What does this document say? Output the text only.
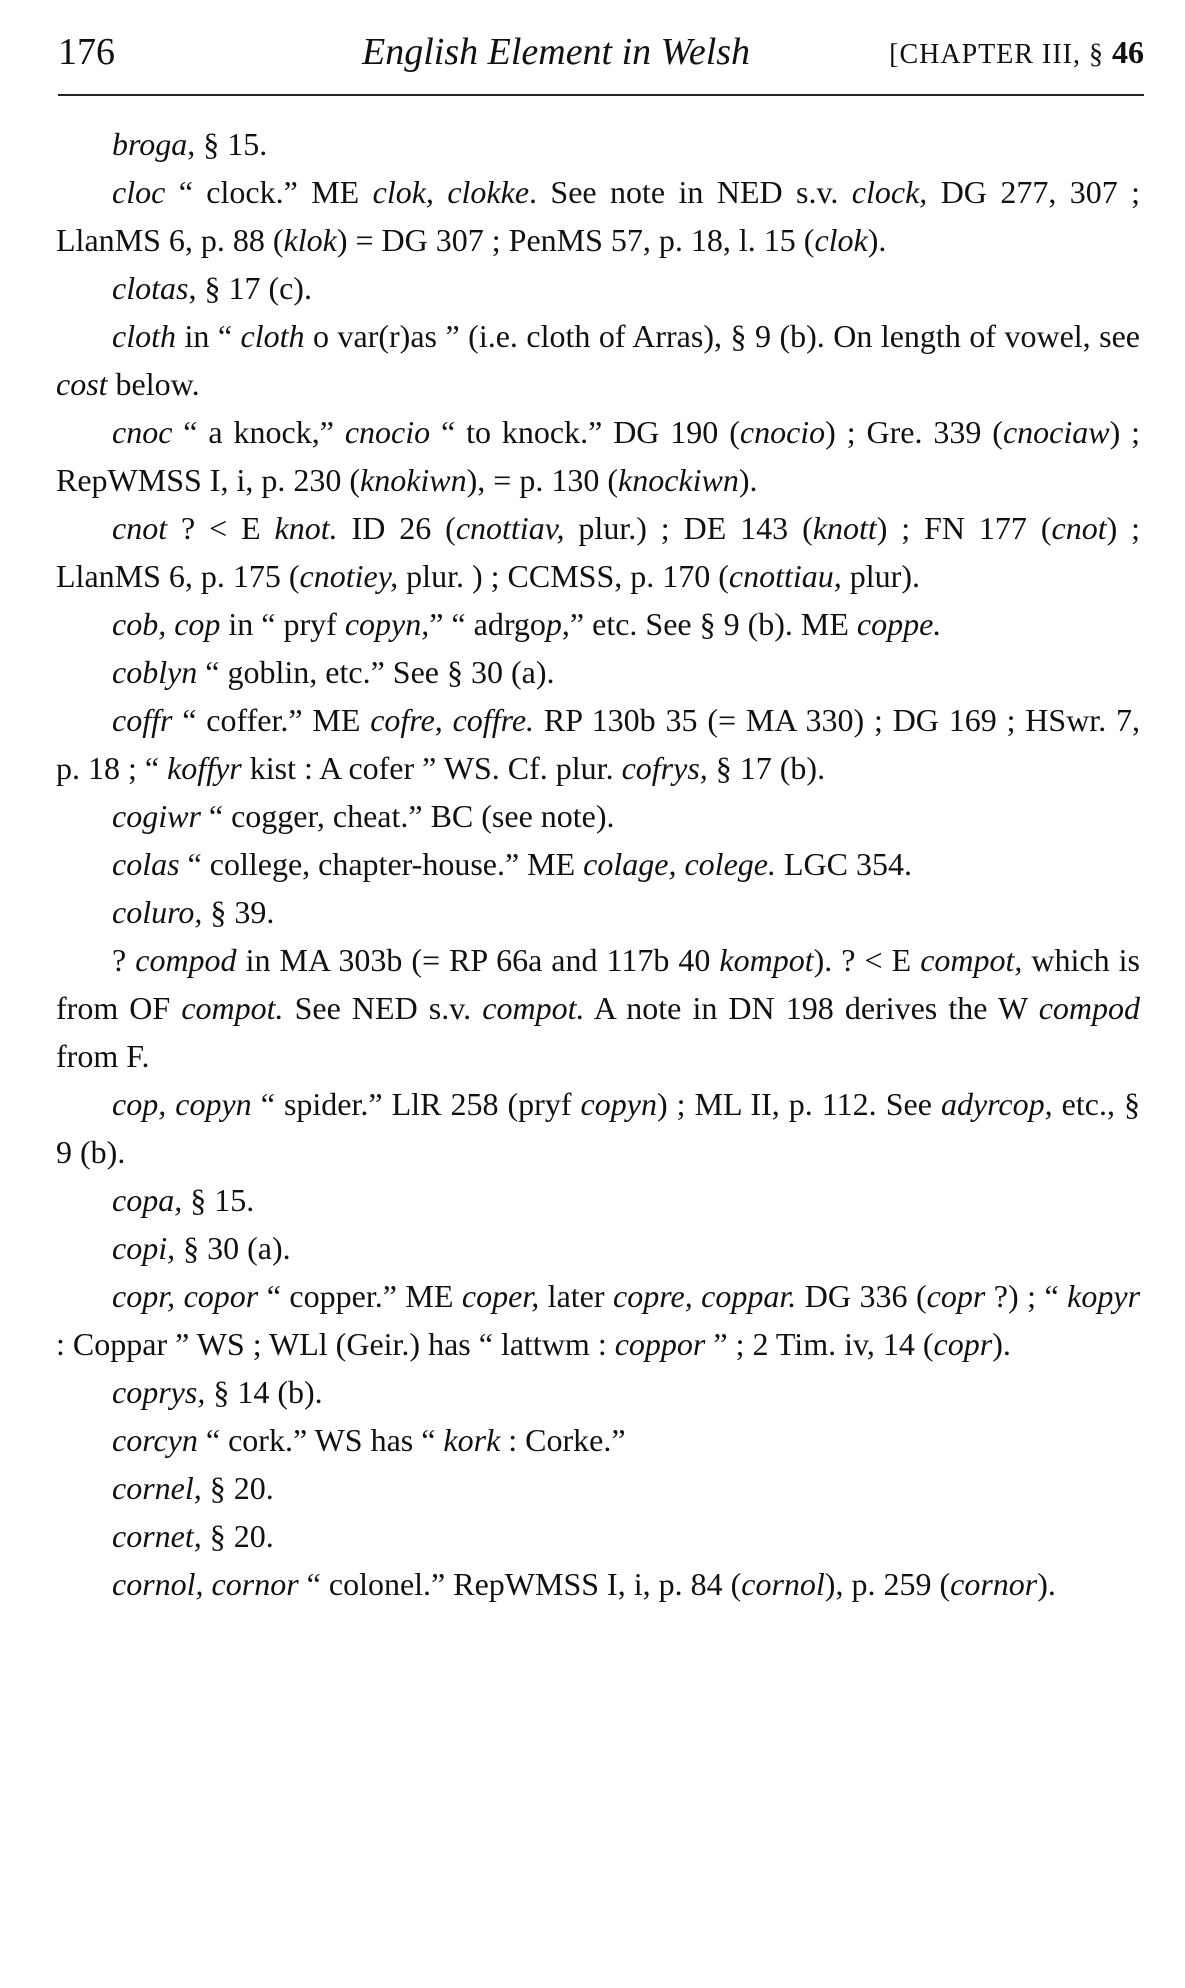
176	English Element in Welsh	[CHAPTER III, § 46

broga, § 15.

cloc “ clock.” ME clok, clokke. See note in NED s.v. clock, DG 277, 307 ; LlanMS 6, p. 88 (klok) = DG 307 ; PenMS 57, p. 18, l. 15 (clok).

clotas, § 17 (c).

cloth in “ cloth o var(r)as ” (i.e. cloth of Arras), § 9 (b). On length of vowel, see cost below.

cnoc “ a knock,” cnocio “ to knock.” DG 190 (cnocio) ; Gre. 339 (cnociaw) ; RepWMSS I, i, p. 230 (knokiwn), = p. 130 (knockiwn).

cnot ? < E knot. ID 26 (cnottiav, plur.) ; DE 143 (knott) ; FN 177 (cnot) ; LlanMS 6, p. 175 (cnotiey, plur. ) ; CCMSS, p. 170 (cnottiau, plur).

cob, cop in “ pryf copyn,” “ adrgop,” etc. See § 9 (b). ME coppe.

coblyn “ goblin, etc.” See § 30 (a).

coffr “ coffer.” ME cofre, coffre. RP 130b 35 (= MA 330) ; DG 169 ; HSwr. 7, p. 18 ; “ koffyr kist : A cofer ” WS. Cf. plur. cofrys, § 17 (b).

cogiwr “ cogger, cheat.” BC (see note).

colas “ college, chapter-house.” ME colage, colege. LGC 354.

coluro, § 39.

? compod in MA 303b (= RP 66a and 117b 40 kompot). ? < E compot, which is from OF compot. See NED s.v. compot. A note in DN 198 derives the W compod from F.

cop, copyn “ spider.” LlR 258 (pryf copyn) ; ML II, p. 112. See adyrcop, etc., § 9 (b).

copa, § 15.

copi, § 30 (a).

copr, copor “ copper.” ME coper, later copre, coppar. DG 336 (copr ?) ; “ kopyr : Coppar ” WS ; WLl (Geir.) has “ lattwm : coppor ” ; 2 Tim. iv, 14 (copr).

coprys, § 14 (b).

corcyn “ cork.” WS has “ kork : Corke.”

cornel, § 20.

cornet, § 20.

cornol, cornor “ colonel.” RepWMSS I, i, p. 84 (cornol), p. 259 (cornor).
